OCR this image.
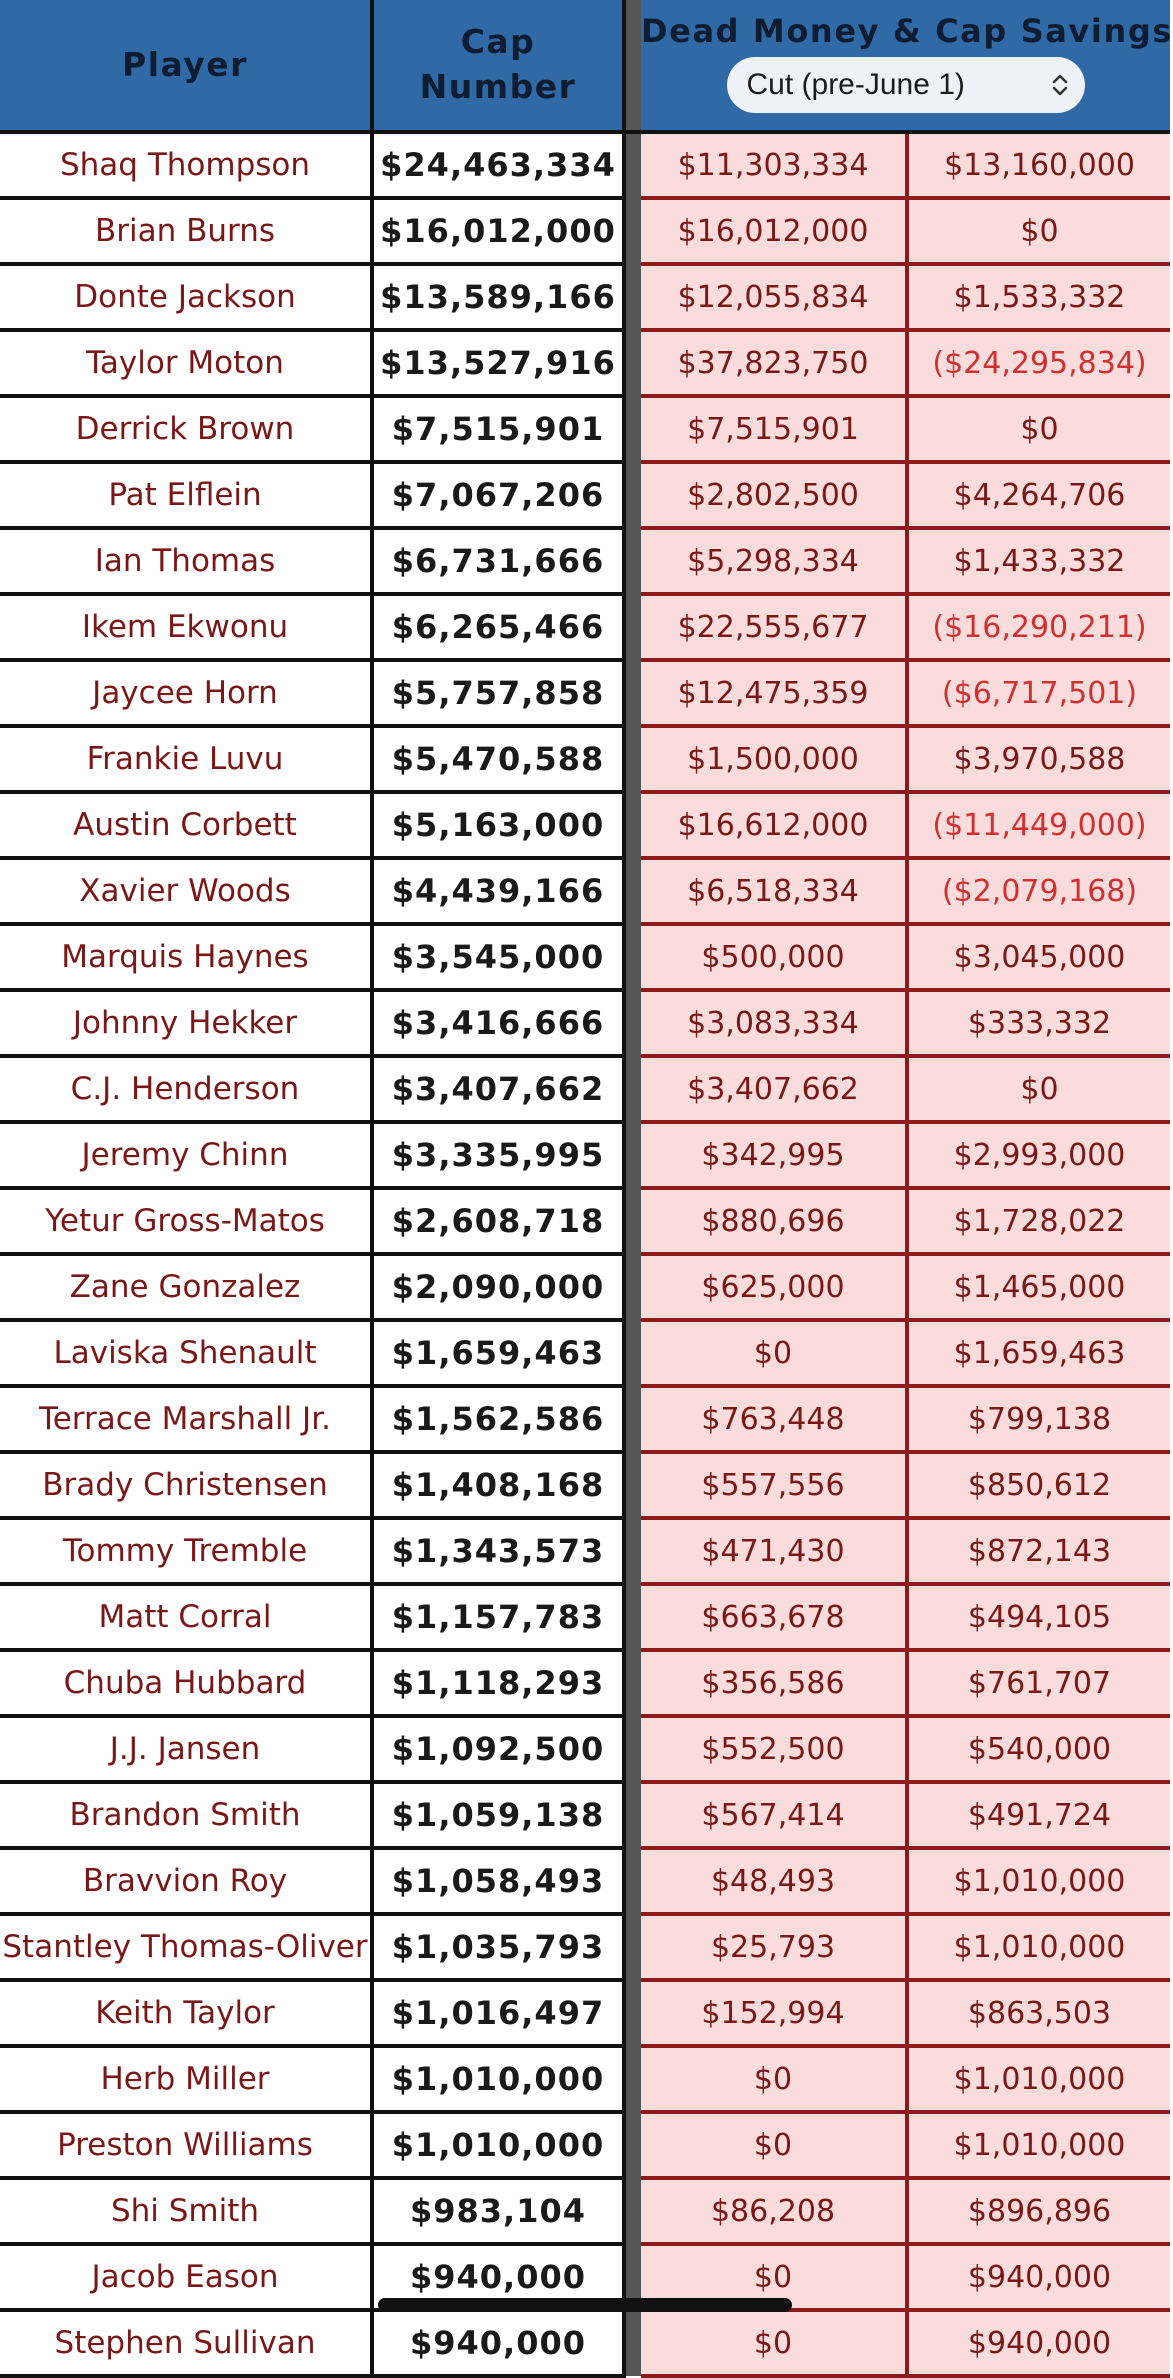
Player	Cap
Number		Dead Money & Cap Savings
Cut (pre-June 1)	

Shaq Thompson	$24,463,334		$11,303,334	$13,160,000
Brian Burns	$16,012,000		$16,012,000	$0
Donte Jackson	$13,589,166		$12,055,834	$1,533,332
Taylor Moton	$13,527,916		$37,823,750	($24,295,834)
Derrick Brown	$7,515,901		$7,515,901	$0
Pat Elflein	$7,067,206		$2,802,500	$4,264,706
Ian Thomas	$6,731,666		$5,298,334	$1,433,332
Ikem Ekwonu	$6,265,466		$22,555,677	($16,290,211)
Jaycee Horn	$5,757,858		$12,475,359	($6,717,501)
Frankie Luvu	$5,470,588		$1,500,000	$3,970,588
Austin Corbett	$5,163,000		$16,612,000	($11,449,000)
Xavier Woods	$4,439,166		$6,518,334	($2,079,168)
Marquis Haynes	$3,545,000		$500,000	$3,045,000
Johnny Hekker	$3,416,666		$3,083,334	$333,332
C.J. Henderson	$3,407,662		$3,407,662	$0
Jeremy Chinn	$3,335,995		$342,995	$2,993,000
Yetur Gross-Matos	$2,608,718		$880,696	$1,728,022
Zane Gonzalez	$2,090,000		$625,000	$1,465,000
Laviska Shenault	$1,659,463		$0	$1,659,463
Terrace Marshall Jr.	$1,562,586		$763,448	$799,138
Brady Christensen	$1,408,168		$557,556	$850,612
Tommy Tremble	$1,343,573		$471,430	$872,143
Matt Corral	$1,157,783		$663,678	$494,105
Chuba Hubbard	$1,118,293		$356,586	$761,707
J.J. Jansen	$1,092,500		$552,500	$540,000
Brandon Smith	$1,059,138		$567,414	$491,724
Bravvion Roy	$1,058,493		$48,493	$1,010,000
Stantley Thomas-Oliver	$1,035,793		$25,793	$1,010,000
Keith Taylor	$1,016,497		$152,994	$863,503
Herb Miller	$1,010,000		$0	$1,010,000
Preston Williams	$1,010,000		$0	$1,010,000
Shi Smith	$983,104		$86,208	$896,896
Jacob Eason	$940,000		$0	$940,000
Stephen Sullivan	$940,000		$0	$940,000
